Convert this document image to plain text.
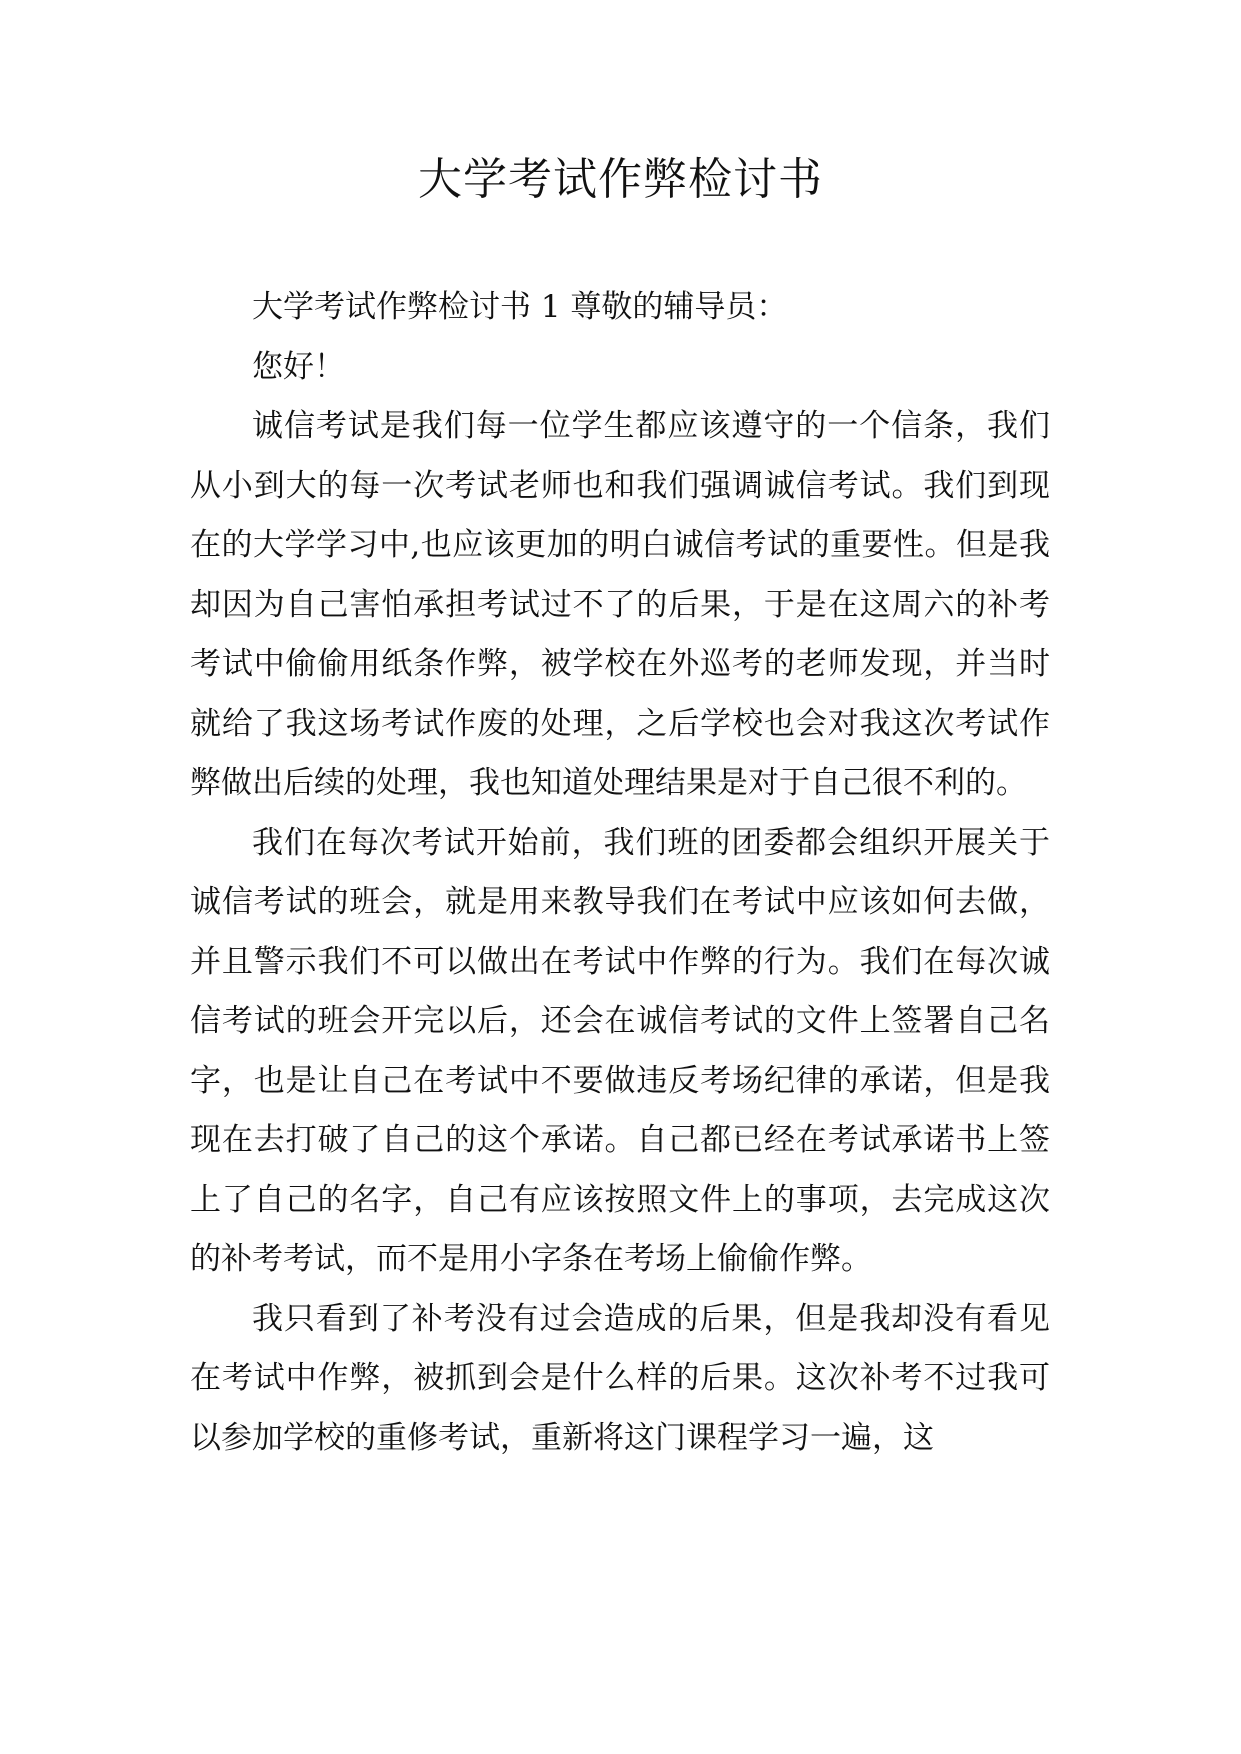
大学考试作弊检讨书

大学考试作弊检讨书 1 尊敬的辅导员：

您好！

诚信考试是我们每一位学生都应该遵守的一个信条，我们从小到大的每一次考试老师也和我们强调诚信考试。我们到现在的大学学习中,也应该更加的明白诚信考试的重要性。但是我却因为自己害怕承担考试过不了的后果，于是在这周六的补考考试中偷偷用纸条作弊，被学校在外巡考的老师发现，并当时就给了我这场考试作废的处理，之后学校也会对我这次考试作弊做出后续的处理，我也知道处理结果是对于自己很不利的。

我们在每次考试开始前，我们班的团委都会组织开展关于诚信考试的班会，就是用来教导我们在考试中应该如何去做，并且警示我们不可以做出在考试中作弊的行为。我们在每次诚信考试的班会开完以后，还会在诚信考试的文件上签署自己名字，也是让自己在考试中不要做违反考场纪律的承诺，但是我现在去打破了自己的这个承诺。自己都已经在考试承诺书上签上了自己的名字，自己有应该按照文件上的事项，去完成这次的补考考试，而不是用小字条在考场上偷偷作弊。

我只看到了补考没有过会造成的后果，但是我却没有看见在考试中作弊，被抓到会是什么样的后果。这次补考不过我可以参加学校的重修考试，重新将这门课程学习一遍，这
